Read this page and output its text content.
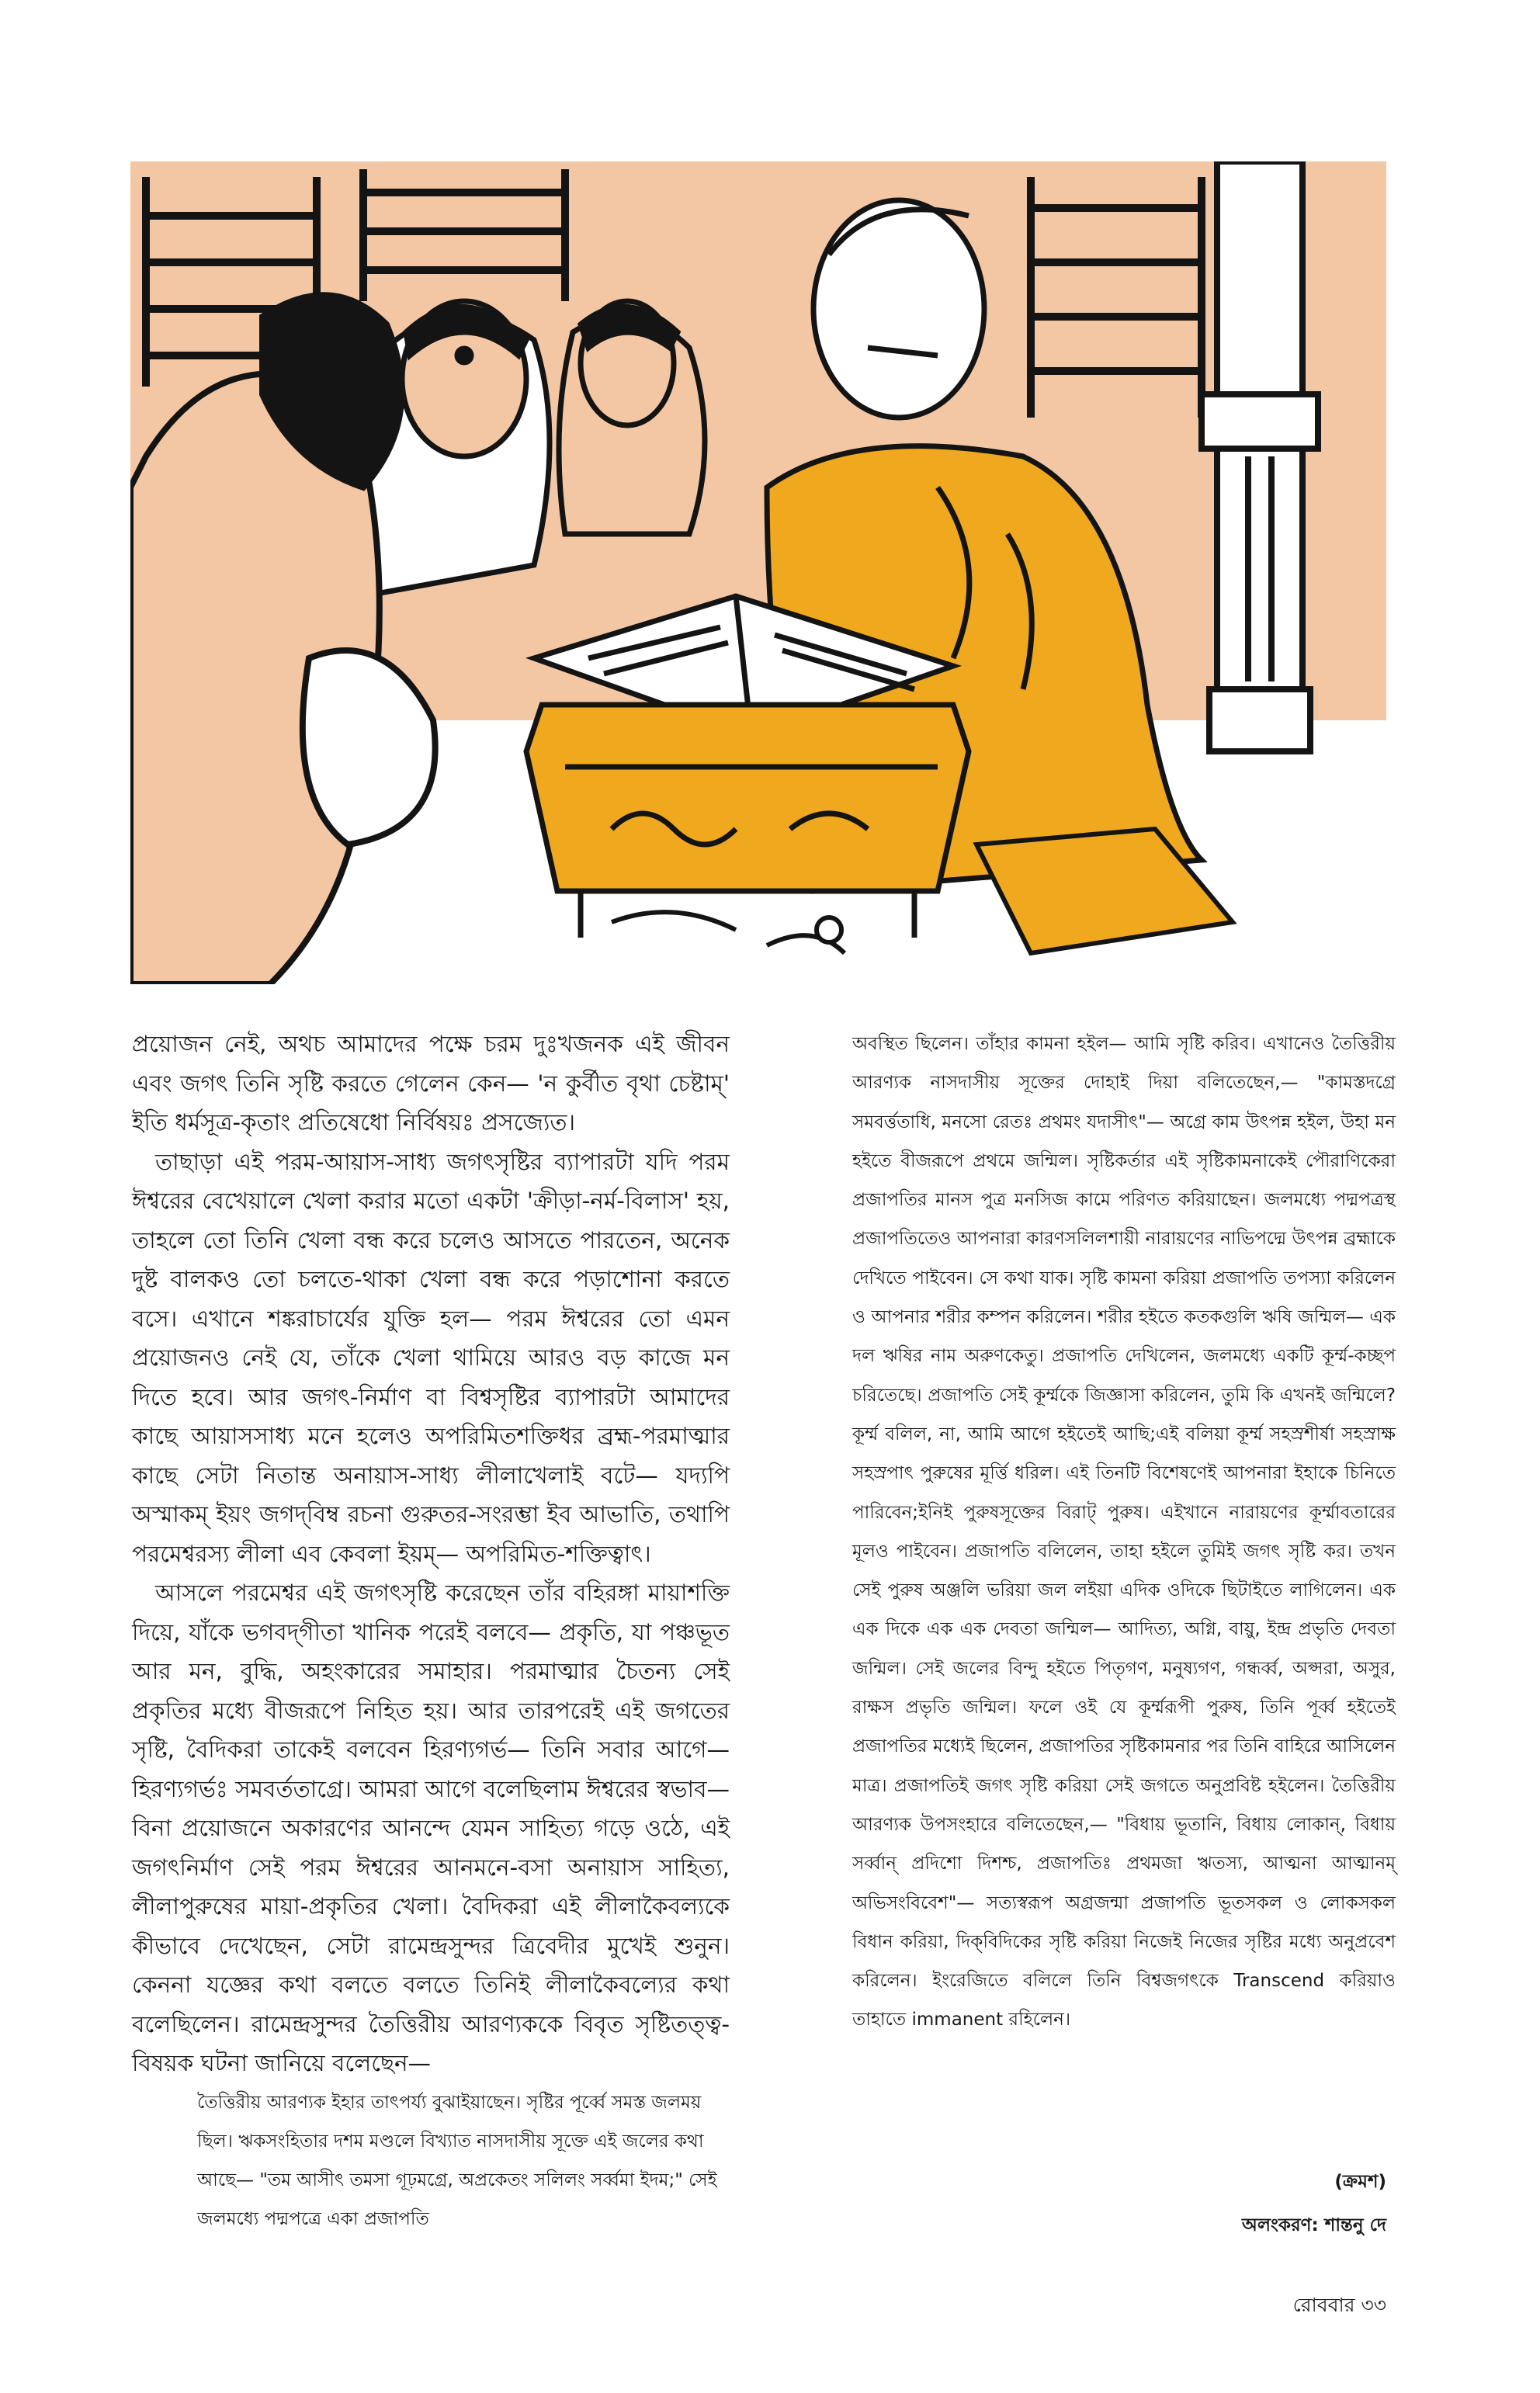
প্রয়োজন নেই, অথচ আমাদের পক্ষে চরম দুঃখজনক এই জীবন এবং জগৎ তিনি সৃষ্টি করতে গেলেন কেন— 'ন কুর্বীত বৃথা চেষ্টাম্' ইতি ধর্মসূত্র-কৃতাং প্রতিষেধো নির্বিষয়ঃ প্রসজ্যেত।

তাছাড়া এই পরম-আয়াস-সাধ্য জগৎসৃষ্টির ব্যাপারটা যদি পরম ঈশ্বরের বেখেয়ালে খেলা করার মতো একটা 'ক্রীড়া-নর্ম-বিলাস' হয়, তাহলে তো তিনি খেলা বন্ধ করে চলেও আসতে পারতেন, অনেক দুষ্ট বালকও তো চলতে-থাকা খেলা বন্ধ করে পড়াশোনা করতে বসে। এখানে শঙ্করাচার্যের যুক্তি হল— পরম ঈশ্বরের তো এমন প্রয়োজনও নেই যে, তাঁকে খেলা থামিয়ে আরও বড় কাজে মন দিতে হবে। আর জগৎ-নির্মাণ বা বিশ্বসৃষ্টির ব্যাপারটা আমাদের কাছে আয়াসসাধ্য মনে হলেও অপরিমিতশক্তিধর ব্রহ্ম-পরমাত্মার কাছে সেটা নিতান্ত অনায়াস-সাধ্য লীলাখেলাই বটে— যদ্যপি অস্মাকম্ ইয়ং জগদ্‌বিম্ব রচনা গুরুতর-সংরম্ভা ইব আভাতি, তথাপি পরমেশ্বরস্য লীলা এব কেবলা ইয়ম্— অপরিমিত-শক্তিত্বাৎ।

আসলে পরমেশ্বর এই জগৎসৃষ্টি করেছেন তাঁর বহিরঙ্গা মায়াশক্তি দিয়ে, যাঁকে ভগবদ্‌গীতা খানিক পরেই বলবে— প্রকৃতি, যা পঞ্চভূত আর মন, বুদ্ধি, অহংকারের সমাহার। পরমাত্মার চৈতন্য সেই প্রকৃতির মধ্যে বীজরূপে নিহিত হয়। আর তারপরেই এই জগতের সৃষ্টি, বৈদিকরা তাকেই বলবেন হিরণ্যগর্ভ— তিনি সবার আগে— হিরণ্যগর্ভঃ সমবর্ততাগ্রে। আমরা আগে বলেছিলাম ঈশ্বরের স্বভাব— বিনা প্রয়োজনে অকারণের আনন্দে যেমন সাহিত্য গড়ে ওঠে, এই জগৎনির্মাণ সেই পরম ঈশ্বরের আনমনে-বসা অনায়াস সাহিত্য, লীলাপুরুষের মায়া-প্রকৃতির খেলা। বৈদিকরা এই লীলাকৈবল্যকে কীভাবে দেখেছেন, সেটা রামেন্দ্রসুন্দর ত্রিবেদীর মুখেই শুনুন। কেননা যজ্ঞের কথা বলতে বলতে তিনিই লীলাকৈবল্যের কথা বলেছিলেন। রামেন্দ্রসুন্দর তৈত্তিরীয় আরণ্যককে বিবৃত সৃষ্টিতত্ত্ব-বিষয়ক ঘটনা জানিয়ে বলেছেন—

তৈত্তিরীয় আরণ্যক ইহার তাৎপর্য্য বুঝাইয়াছেন। সৃষ্টির পূর্ব্বে সমস্ত জলময় ছিল। ঋকসংহিতার দশম মণ্ডলে বিখ্যাত নাসদাসীয় সূক্তে এই জলের কথা আছে— "তম আসীৎ তমসা গূঢ়মগ্রে, অপ্রকেতং সলিলং সর্ব্বমা ইদম;" সেই জলমধ্যে পদ্মপত্রে একা প্রজাপতি

অবস্থিত ছিলেন। তাঁহার কামনা হইল— আমি সৃষ্টি করিব। এখানেও তৈত্তিরীয় আরণ্যক নাসদাসীয় সূক্তের দোহাই দিয়া বলিতেছেন,— "কামস্তদগ্রে সমবর্ত্ততাধি, মনসো রেতঃ প্রথমং যদাসীৎ"— অগ্রে কাম উৎপন্ন হইল, উহা মন হইতে বীজরূপে প্রথমে জন্মিল। সৃষ্টিকর্তার এই সৃষ্টিকামনাকেই পৌরাণিকেরা প্রজাপতির মানস পুত্র মনসিজ কামে পরিণত করিয়াছেন। জলমধ্যে পদ্মপত্রস্থ প্রজাপতিতেও আপনারা কারণসলিলশায়ী নারায়ণের নাভিপদ্মে উৎপন্ন ব্রহ্মাকে দেখিতে পাইবেন। সে কথা যাক। সৃষ্টি কামনা করিয়া প্রজাপতি তপস্যা করিলেন ও আপনার শরীর কম্পন করিলেন। শরীর হইতে কতকগুলি ঋষি জন্মিল— এক দল ঋষির নাম অরুণকেতু। প্রজাপতি দেখিলেন, জলমধ্যে একটি কূর্ম্ম-কচ্ছপ চরিতেছে। প্রজাপতি সেই কূর্ম্মকে জিজ্ঞাসা করিলেন, তুমি কি এখনই জন্মিলে? কূর্ম্ম বলিল, না, আমি আগে হইতেই আছি;এই বলিয়া কূর্ম্ম সহস্রশীর্ষা সহস্রাক্ষ সহস্রপাৎ পুরুষের মূর্ত্তি ধরিল। এই তিনটি বিশেষণেই আপনারা ইহাকে চিনিতে পারিবেন;ইনিই পুরুষসূক্তের বিরাট্ পুরুষ। এইখানে নারায়ণের কূর্ম্মাবতারের মূলও পাইবেন। প্রজাপতি বলিলেন, তাহা হইলে তুমিই জগৎ সৃষ্টি কর। তখন সেই পুরুষ অঞ্জলি ভরিয়া জল লইয়া এদিক ওদিকে ছিটাইতে লাগিলেন। এক এক দিকে এক এক দেবতা জন্মিল— আদিত্য, অগ্নি, বায়ু, ইন্দ্র প্রভৃতি দেবতা জন্মিল। সেই জলের বিন্দু হইতে পিতৃগণ, মনুষ্যগণ, গন্ধর্ব্ব, অপ্সরা, অসুর, রাক্ষস প্রভৃতি জন্মিল। ফলে ওই যে কূর্ম্মরূপী পুরুষ, তিনি পূর্ব্ব হইতেই প্রজাপতির মধ্যেই ছিলেন, প্রজাপতির সৃষ্টিকামনার পর তিনি বাহিরে আসিলেন মাত্র। প্রজাপতিই জগৎ সৃষ্টি করিয়া সেই জগতে অনুপ্রবিষ্ট হইলেন। তৈত্তিরীয় আরণ্যক উপসংহারে বলিতেছেন,— "বিধায় ভূতানি, বিধায় লোকান্, বিধায় সর্ব্বান্ প্রদিশো দিশশ্চ, প্রজাপতিঃ প্রথমজা ঋতস্য, আত্মনা আত্মানম্ অভিসংবিবেশ"— সত্যস্বরূপ অগ্রজন্মা প্রজাপতি ভূতসকল ও লোকসকল বিধান করিয়া, দিক্‌বিদিকের সৃষ্টি করিয়া নিজেই নিজের সৃষ্টির মধ্যে অনুপ্রবেশ করিলেন। ইংরেজিতে বলিলে তিনি বিশ্বজগৎকে Transcend করিয়াও তাহাতে immanent রহিলেন।

(ক্রমশ)
অলংকরণ: শান্তনু দে
রোববার ৩৩
